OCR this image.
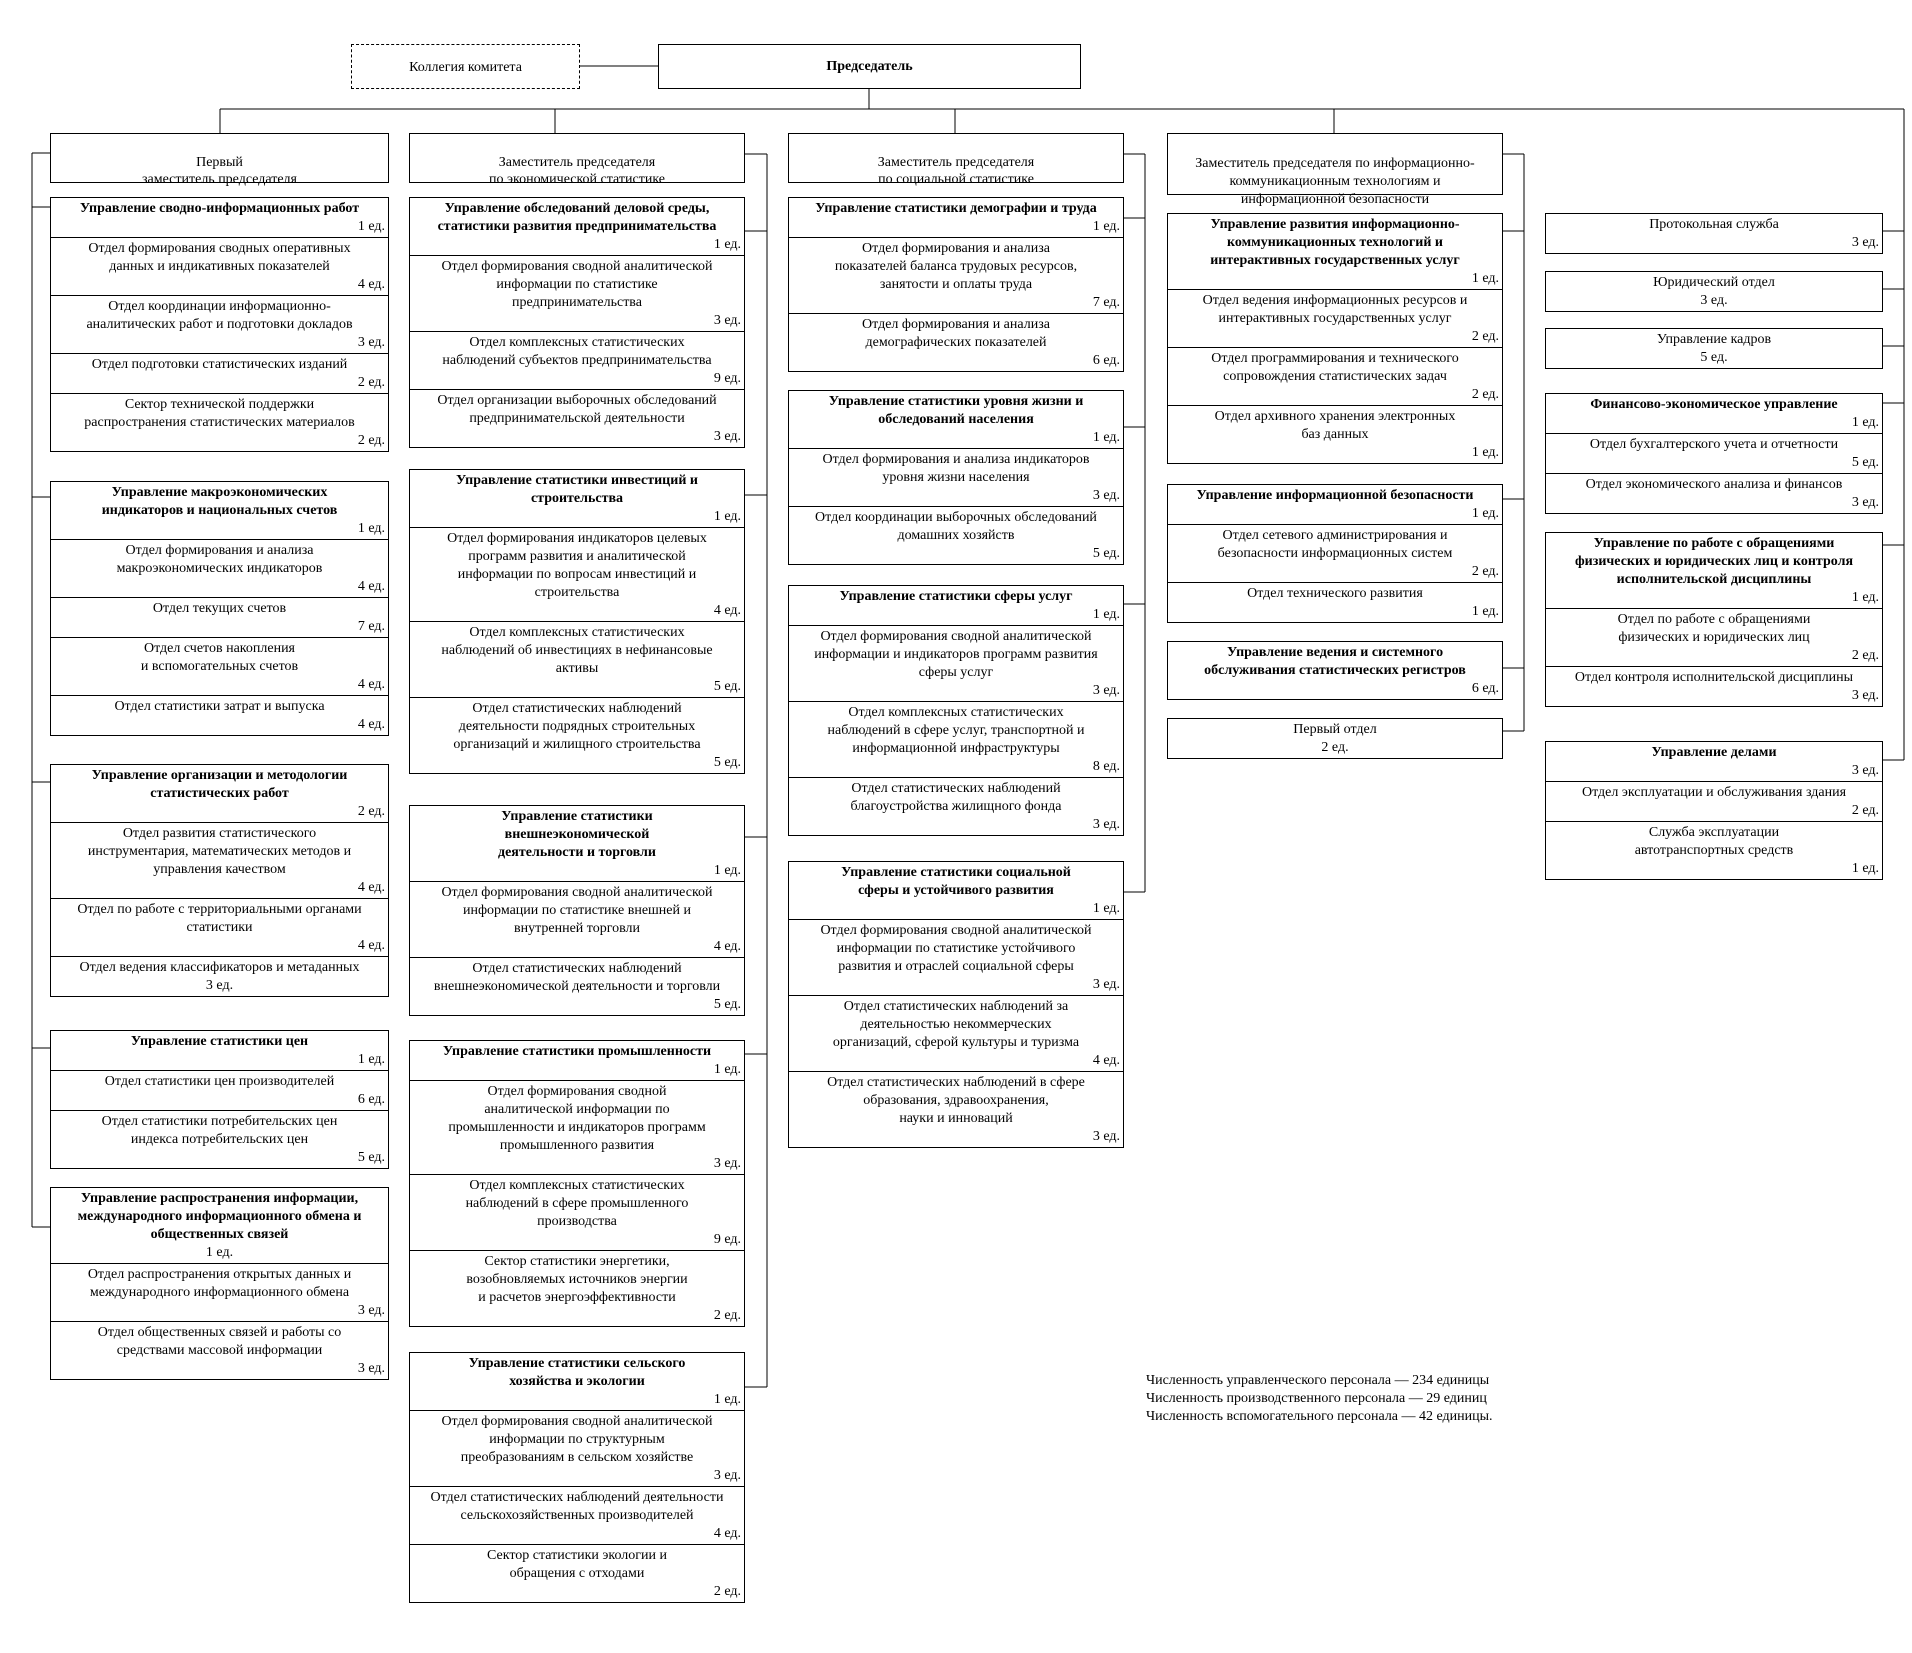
Коллегия комитета	Председатель

Первый
заместитель председателя

Заместитель председателя
по экономической статистике

Заместитель председателя
по социальной статистике

Заместитель председателя по информационно-
коммуникационным технологиям и
информационной безопасности

Управление сводно-информационных работ
1 ед.
Отдел формирования сводных оперативных
данных и индикативных показателей
4 ед.
Отдел координации информационно-
аналитических работ и подготовки докладов
3 ед.
Отдел подготовки статистических изданий
2 ед.
Сектор технической поддержки
распространения статистических материалов
2 ед.
Управление макроэкономических
индикаторов и национальных счетов
1 ед.
Отдел формирования и анализа
макроэкономических индикаторов
4 ед.
Отдел текущих счетов
7 ед.
Отдел счетов накопления
и вспомогательных счетов
4 ед.
Отдел статистики затрат и выпуска
4 ед.
Управление организации и методологии
статистических работ
2 ед.
Отдел развития статистического
инструментария, математических методов и
управления качеством
4 ед.
Отдел по работе с территориальными органами
статистики
4 ед.
Отдел ведения классификаторов и метаданных
3 ед.
Управление статистики цен
1 ед.
Отдел статистики цен производителей
6 ед.
Отдел статистики потребительских цен
индекса потребительских цен
5 ед.
Управление распространения информации,
международного информационного обмена и
общественных связей
1 ед.
Отдел распространения открытых данных и
международного информационного обмена
3 ед.
Отдел общественных связей и работы со
средствами массовой информации
3 ед.
Управление обследований деловой среды,
статистики развития предпринимательства
1 ед.
Отдел формирования сводной аналитической
информации по статистике
предпринимательства
3 ед.
Отдел комплексных статистических
наблюдений субъектов предпринимательства
9 ед.
Отдел организации выборочных обследований
предпринимательской деятельности
3 ед.
Управление статистики инвестиций и
строительства
1 ед.
Отдел формирования индикаторов целевых
программ развития и аналитической
информации по вопросам инвестиций и
строительства
4 ед.
Отдел комплексных статистических
наблюдений об инвестициях в нефинансовые
активы
5 ед.
Отдел статистических наблюдений
деятельности подрядных строительных
организаций и жилищного строительства
5 ед.
Управление статистики
внешнеэкономической
деятельности и торговли
1 ед.
Отдел формирования сводной аналитической
информации по статистике внешней и
внутренней торговли
4 ед.
Отдел статистических наблюдений
внешнеэкономической деятельности и торговли
5 ед.
Управление статистики промышленности
1 ед.
Отдел формирования сводной
аналитической информации по
промышленности и индикаторов программ
промышленного развития
3 ед.
Отдел комплексных статистических
наблюдений в сфере промышленного
производства
9 ед.
Сектор статистики энергетики,
возобновляемых источников энергии
и расчетов энергоэффективности
2 ед.
Управление статистики сельского
хозяйства и экологии
1 ед.
Отдел формирования сводной аналитической
информации по структурным
преобразованиям в сельском хозяйстве
3 ед.
Отдел статистических наблюдений деятельности
сельскохозяйственных производителей
4 ед.
Сектор статистики экологии и
обращения с отходами
2 ед.
Управление статистики демографии и труда
1 ед.
Отдел формирования и анализа
показателей баланса трудовых ресурсов,
занятости и оплаты труда
7 ед.
Отдел формирования и анализа
демографических показателей
6 ед.
Управление статистики уровня жизни и
обследований населения
1 ед.
Отдел формирования и анализа индикаторов
уровня жизни населения
3 ед.
Отдел координации выборочных обследований
домашних хозяйств
5 ед.
Управление статистики сферы услуг
1 ед.
Отдел формирования сводной аналитической
информации и индикаторов программ развития
сферы услуг
3 ед.
Отдел комплексных статистических
наблюдений в сфере услуг, транспортной и
информационной инфраструктуры
8 ед.
Отдел статистических наблюдений
благоустройства жилищного фонда
3 ед.
Управление статистики социальной
сферы и устойчивого развития
1 ед.
Отдел формирования сводной аналитической
информации по статистике устойчивого
развития и отраслей социальной сферы
3 ед.
Отдел статистических наблюдений за
деятельностью некоммерческих
организаций, сферой культуры и туризма
4 ед.
Отдел статистических наблюдений в сфере
образования, здравоохранения,
науки и инноваций
3 ед.
Управление развития информационно-
коммуникационных технологий и
интерактивных государственных услуг
1 ед.
Отдел ведения информационных ресурсов и
интерактивных государственных услуг
2 ед.
Отдел программирования и технического
сопровождения статистических задач
2 ед.
Отдел архивного хранения электронных
баз данных
1 ед.
Управление информационной безопасности
1 ед.
Отдел сетевого администрирования и
безопасности информационных систем
2 ед.
Отдел технического развития
1 ед.
Управление ведения и системного
обслуживания статистических регистров
6 ед.
Первый отдел
2 ед.
Протокольная служба
3 ед.
Юридический отдел
3 ед.
Управление кадров
5 ед.
Финансово-экономическое управление
1 ед.
Отдел бухгалтерского учета и отчетности
5 ед.
Отдел экономического анализа и финансов
3 ед.
Управление по работе с обращениями
физических и юридических лиц и контроля
исполнительской дисциплины
1 ед.
Отдел по работе с обращениями
физических и юридических лиц
2 ед.
Отдел контроля исполнительской дисциплины
3 ед.
Управление делами
3 ед.
Отдел эксплуатации и обслуживания здания
2 ед.
Служба эксплуатации
автотранспортных средств
1 ед.
Численность управленческого персонала — 234 единицы
Численность производственного персонала — 29 единиц
Численность вспомогательного персонала — 42 единицы.
